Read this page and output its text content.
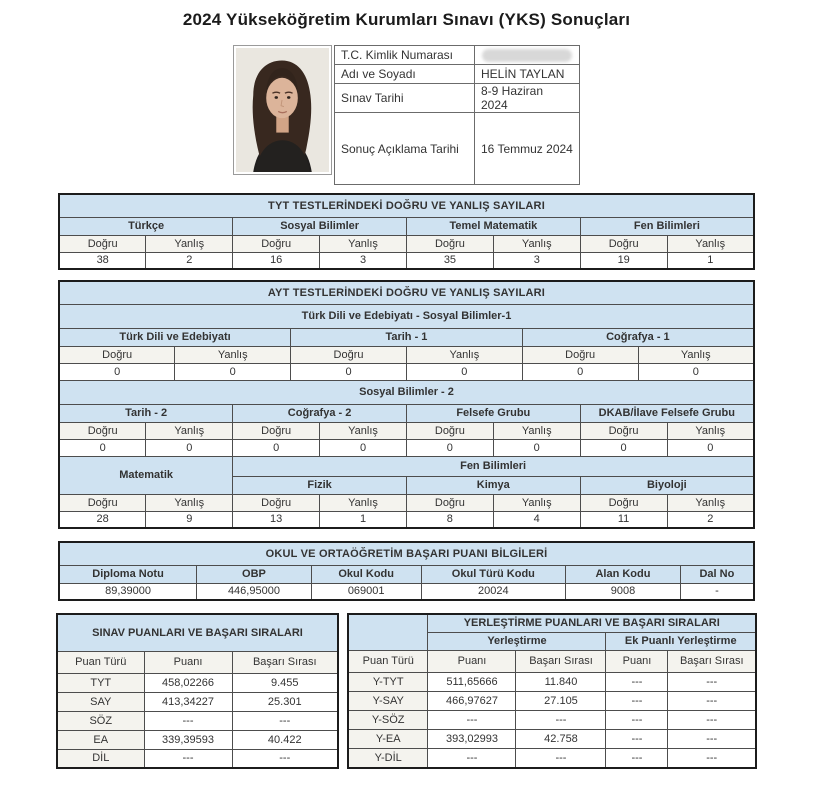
2024 Yükseköğretim Kurumları Sınavı (YKS) Sonuçları
T.C. Kimlik Numarası	

Adı ve Soyadı	HELİN TAYLAN
Sınav Tarihi	8-9 Haziran 2024
Sonuç Açıklama Tarihi	16 Temmuz 2024
TYT TESTLERİNDEKİ DOĞRU VE YANLIŞ SAYILARI							
Türkçe		Sosyal Bilimler		Temel Matematik		Fen Bilimleri	
Doğru	Yanlış	Doğru	Yanlış	Doğru	Yanlış	Doğru	Yanlış
38	2	16	3	35	3	19	1
AYT TESTLERİNDEKİ DOĞRU VE YANLIŞ SAYILARI											
Türk Dili ve Edebiyatı - Sosyal Bilimler-1											
Türk Dili ve Edebiyatı				Tarih - 1				Coğrafya - 1			
Doğru		Yanlış		Doğru		Yanlış		Doğru		Yanlış	
0		0		0		0		0		0	
Sosyal Bilimler - 2											
Tarih - 2			Coğrafya - 2			Felsefe Grubu			DKAB/İlave Felsefe Grubu		
Doğru	Yanlış		Doğru		Yanlış	Doğru	Yanlış		Doğru		Yanlış
0	0		0		0	0	0		0		0
Matematik			Fen Bilimleri								
			Fizik			Kimya			Biyoloji		
Doğru	Yanlış		Doğru		Yanlış	Doğru	Yanlış		Doğru		Yanlış
28	9		13		1	8	4		11		2
OKUL VE ORTAÖĞRETİM BAŞARI PUANI BİLGİLERİ					
Diploma Notu	OBP	Okul Kodu	Okul Türü Kodu	Alan Kodu	Dal No
89,39000	446,95000	069001	20024	9008	-
SINAV PUANLARI VE BAŞARI SIRALARI		
Puan Türü	Puanı	Başarı Sırası
TYT	458,02266	9.455
SAY	413,34227	25.301
SÖZ	---	---
EA	339,39593	40.422
DİL	---	---
	YERLEŞTİRME PUANLARI VE BAŞARI SIRALARI			
	Yerleştirme		Ek Puanlı Yerleştirme	
Puan Türü	Puanı	Başarı Sırası	Puanı	Başarı Sırası
Y-TYT	511,65666	11.840	---	---
Y-SAY	466,97627	27.105	---	---
Y-SÖZ	---	---	---	---
Y-EA	393,02993	42.758	---	---
Y-DİL	---	---	---	---
